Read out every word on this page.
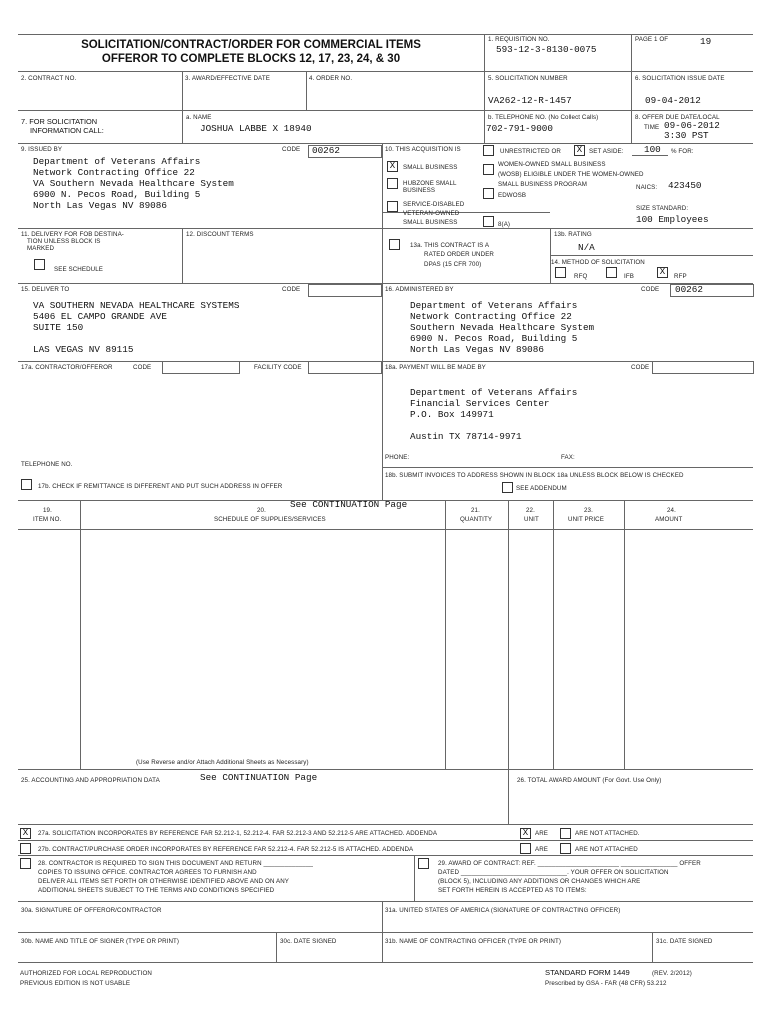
SOLICITATION/CONTRACT/ORDER FOR COMMERCIAL ITEMS
OFFEROR TO COMPLETE BLOCKS 12, 17, 23, 24, & 30
1. REQUISITION NO.
593-12-3-8130-0075
PAGE 1 OF	19
2. CONTRACT NO.	3. AWARD/EFFECTIVE DATE	4. ORDER NO.	5. SOLICITATION NUMBER
VA262-12-R-1457
6. SOLICITATION ISSUE DATE
09-04-2012
7. FOR SOLICITATION
INFORMATION CALL:
a. NAME
JOSHUA LABBE X 18940
b. TELEPHONE NO. (No Collect Calls)
702-791-9000
8. OFFER DUE DATE/LOCAL
TIME 09-06-2012
3:30 PST
9. ISSUED BY	CODE 00262
Department of Veterans Affairs
Network Contracting Office 22
VA Southern Nevada Healthcare System
6900 N. Pecos Road, Building 5
North Las Vegas NV 89086
10. THIS ACQUISITION IS
X	SMALL BUSINESS
HUBZONE SMALL
BUSINESS
SERVICE-DISABLED
VETERAN-OWNED
SMALL BUSINESS
UNRESTRICTED OR	X	SET ASIDE: 100 % FOR:
WOMEN-OWNED SMALL BUSINESS
(WOSB) ELIGIBLE UNDER THE WOMEN-OWNED
SMALL BUSINESS PROGRAM
EDWOSB
8(A)
NAICS: 423450
SIZE STANDARD:
100 Employees
11. DELIVERY FOR FOB DESTINA-
TION UNLESS BLOCK IS
MARKED
SEE SCHEDULE
12. DISCOUNT TERMS
13a. THIS CONTRACT IS A
RATED ORDER UNDER
DPAS (15 CFR 700)
13b. RATING
N/A
14. METHOD OF SOLICITATION
RFQ	IFB	X	RFP
15. DELIVER TO	CODE
VA SOUTHERN NEVADA HEALTHCARE SYSTEMS
5406 EL CAMPO GRANDE AVE
SUITE 150
LAS VEGAS NV 89115
16. ADMINISTERED BY	CODE 00262
Department of Veterans Affairs
Network Contracting Office 22
Southern Nevada Healthcare System
6900 N. Pecos Road, Building 5
North Las Vegas NV 89086
17a. CONTRACTOR/OFFEROR	CODE	FACILITY CODE
TELEPHONE NO.
18a. PAYMENT WILL BE MADE BY	CODE
Department of Veterans Affairs
Financial Services Center
P.O. Box 149971
Austin TX 78714-9971
PHONE:	FAX:
17b. CHECK IF REMITTANCE IS DIFFERENT AND PUT SUCH ADDRESS IN OFFER
18b. SUBMIT INVOICES TO ADDRESS SHOWN IN BLOCK 18a UNLESS BLOCK BELOW IS CHECKED
SEE ADDENDUM
19.
ITEM NO.
See CONTINUATION Page
20.
SCHEDULE OF SUPPLIES/SERVICES
21.
QUANTITY
22.
UNIT
23.
UNIT PRICE
24.
AMOUNT
(Use Reverse and/or Attach Additional Sheets as Necessary)
25. ACCOUNTING AND APPROPRIATION DATA	See CONTINUATION Page	26. TOTAL AWARD AMOUNT (For Govt. Use Only)
X	27a. SOLICITATION INCORPORATES BY REFERENCE FAR 52.212-1, 52.212-4. FAR 52.212-3 AND 52.212-5 ARE ATTACHED. ADDENDA	X	ARE	ARE NOT ATTACHED.
27b. CONTRACT/PURCHASE ORDER INCORPORATES BY REFERENCE FAR 52.212-4. FAR 52.212-5 IS ATTACHED. ADDENDA	ARE	ARE NOT ATTACHED
28. CONTRACTOR IS REQUIRED TO SIGN THIS DOCUMENT AND RETURN ______________
COPIES TO ISSUING OFFICE. CONTRACTOR AGREES TO FURNISH AND
DELIVER ALL ITEMS SET FORTH OR OTHERWISE IDENTIFIED ABOVE AND ON ANY
ADDITIONAL SHEETS SUBJECT TO THE TERMS AND CONDITIONS SPECIFIED
29. AWARD OF CONTRACT: REF. _______________________ ________________ OFFER
DATED ______________________________. YOUR OFFER ON SOLICITATION
(BLOCK 5), INCLUDING ANY ADDITIONS OR CHANGES WHICH ARE
SET FORTH HEREIN IS ACCEPTED AS TO ITEMS:
30a. SIGNATURE OF OFFEROR/CONTRACTOR	31a. UNITED STATES OF AMERICA (SIGNATURE OF CONTRACTING OFFICER)
30b. NAME AND TITLE OF SIGNER (TYPE OR PRINT)	30c. DATE SIGNED	31b. NAME OF CONTRACTING OFFICER (TYPE OR PRINT)	31c. DATE SIGNED
AUTHORIZED FOR LOCAL REPRODUCTION
PREVIOUS EDITION IS NOT USABLE
STANDARD FORM 1449	(REV. 2/2012)
Prescribed by GSA - FAR (48 CFR) 53.212
